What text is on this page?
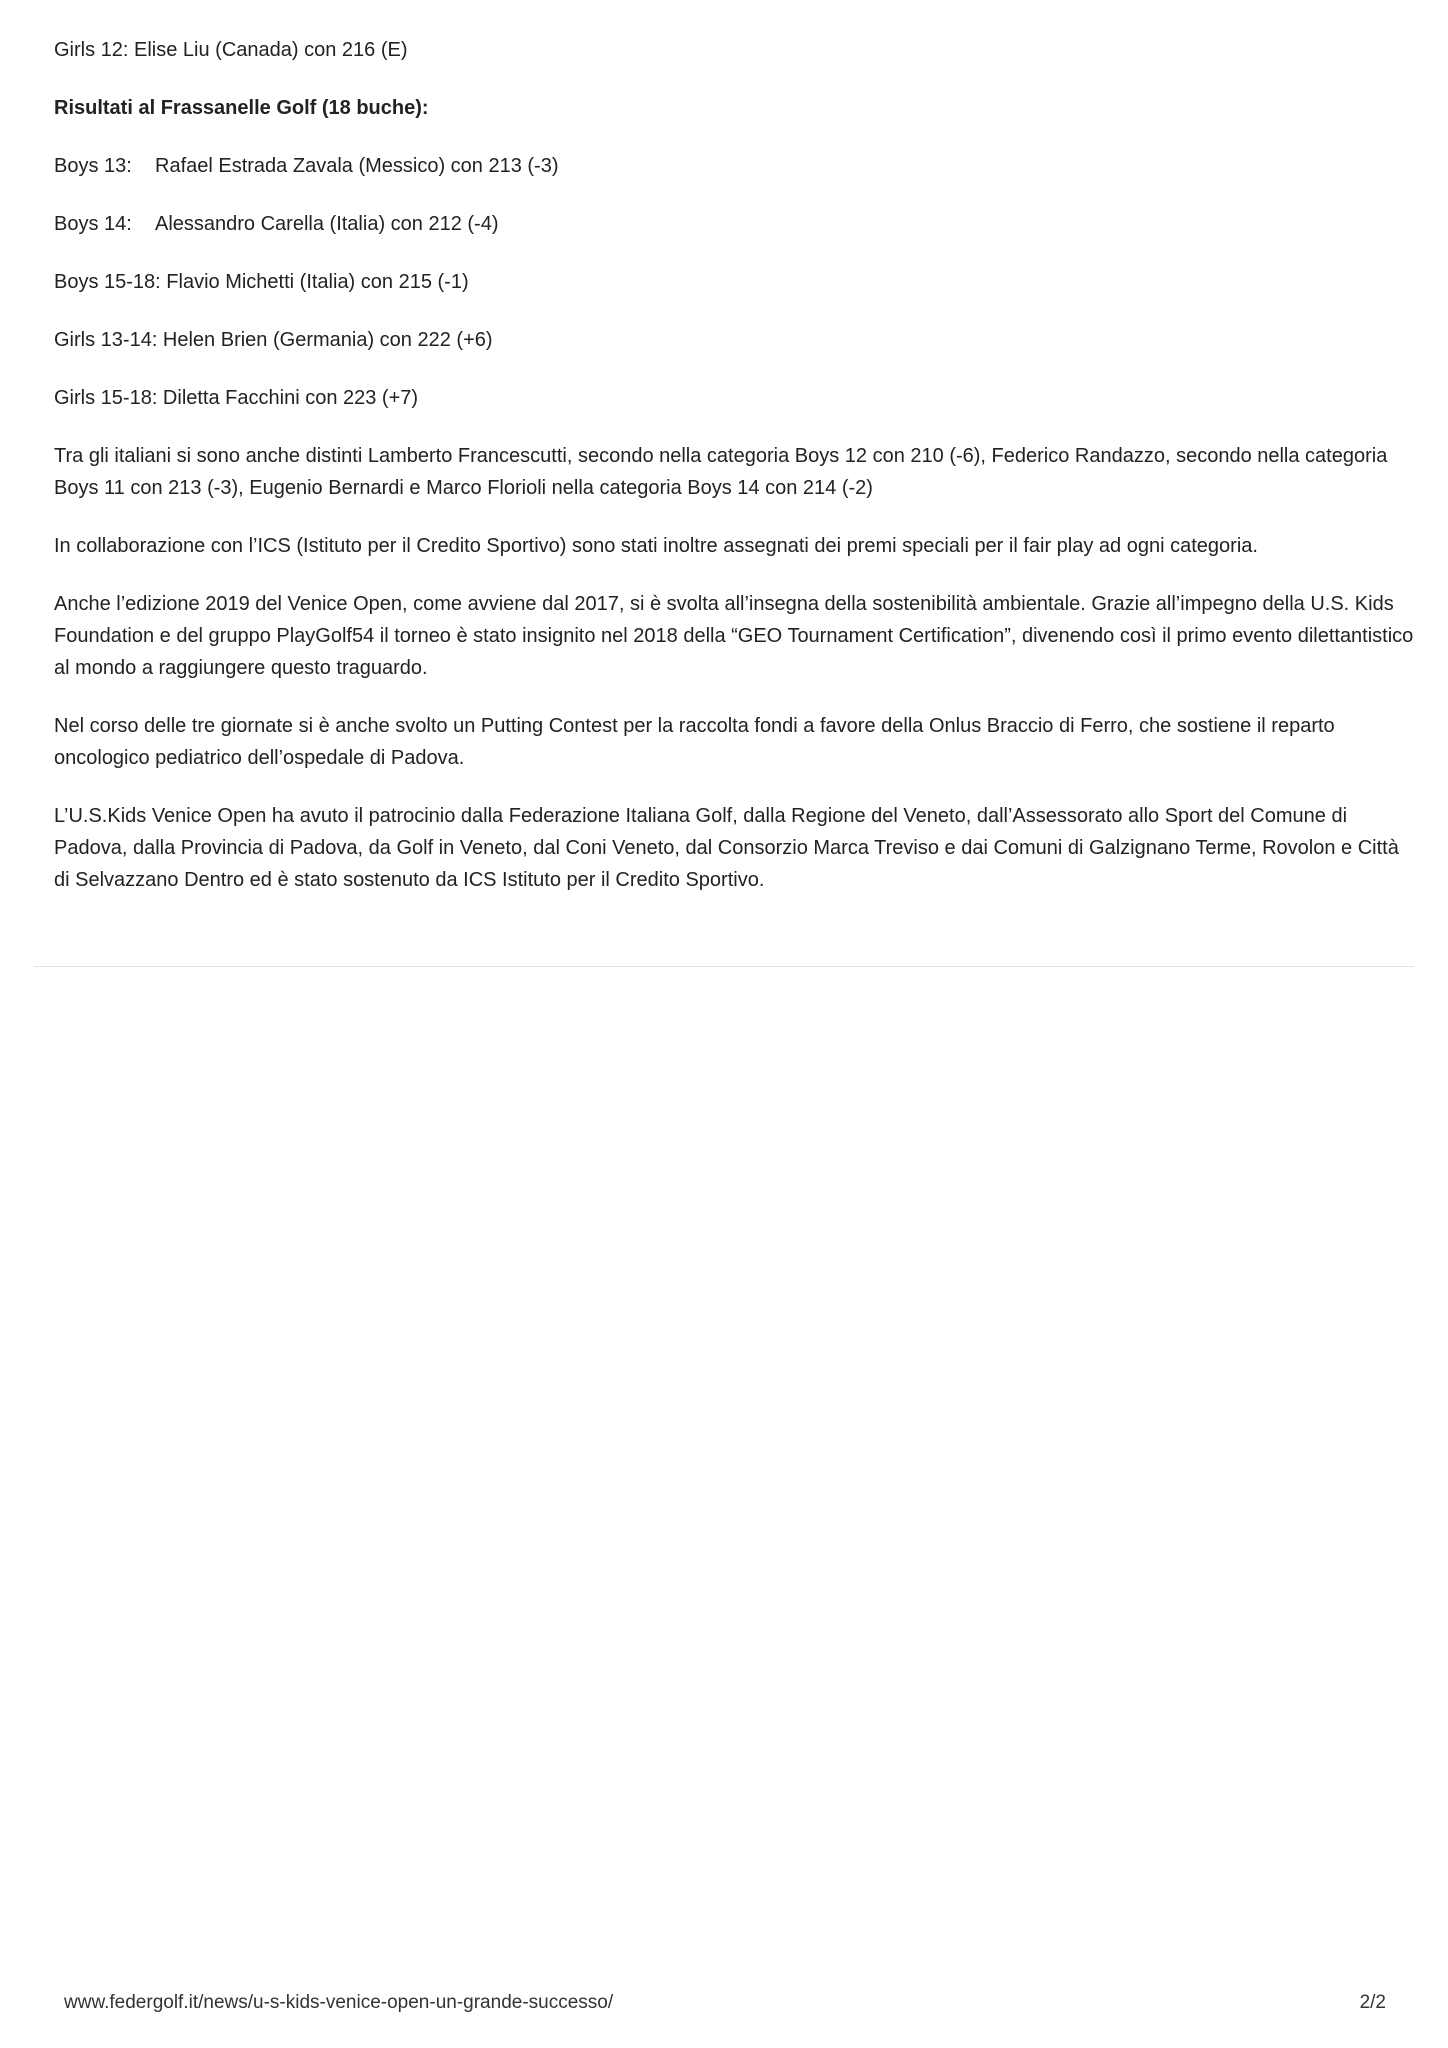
Girls 12: Elise Liu (Canada) con 216 (E)

Risultati al Frassanelle Golf (18 buche):

Boys 13: Rafael Estrada Zavala (Messico) con 213 (-3)

Boys 14: Alessandro Carella (Italia) con 212 (-4)

Boys 15-18: Flavio Michetti (Italia) con 215 (-1)

Girls 13-14: Helen Brien (Germania) con 222 (+6)

Girls 15-18: Diletta Facchini con 223 (+7)

Tra gli italiani si sono anche distinti Lamberto Francescutti, secondo nella categoria Boys 12 con 210 (-6), Federico Randazzo, secondo nella categoria Boys 11 con 213 (-3), Eugenio Bernardi e Marco Florioli nella categoria Boys 14 con 214 (-2)

In collaborazione con l’ICS (Istituto per il Credito Sportivo) sono stati inoltre assegnati dei premi speciali per il fair play ad ogni categoria.

Anche l’edizione 2019 del Venice Open, come avviene dal 2017, si è svolta all’insegna della sostenibilità ambientale. Grazie all’impegno della U.S. Kids Foundation e del gruppo PlayGolf54 il torneo è stato insignito nel 2018 della “GEO Tournament Certification”, divenendo così il primo evento dilettantistico al mondo a raggiungere questo traguardo.

Nel corso delle tre giornate si è anche svolto un Putting Contest per la raccolta fondi a favore della Onlus Braccio di Ferro, che sostiene il reparto oncologico pediatrico dell’ospedale di Padova.

L’U.S.Kids Venice Open ha avuto il patrocinio dalla Federazione Italiana Golf, dalla Regione del Veneto, dall’Assessorato allo Sport del Comune di Padova, dalla Provincia di Padova, da Golf in Veneto, dal Coni Veneto, dal Consorzio Marca Treviso e dai Comuni di Galzignano Terme, Rovolon e Città di Selvazzano Dentro ed è stato sostenuto da ICS Istituto per il Credito Sportivo.

www.federgolf.it/news/u-s-kids-venice-open-un-grande-successo/	2/2
